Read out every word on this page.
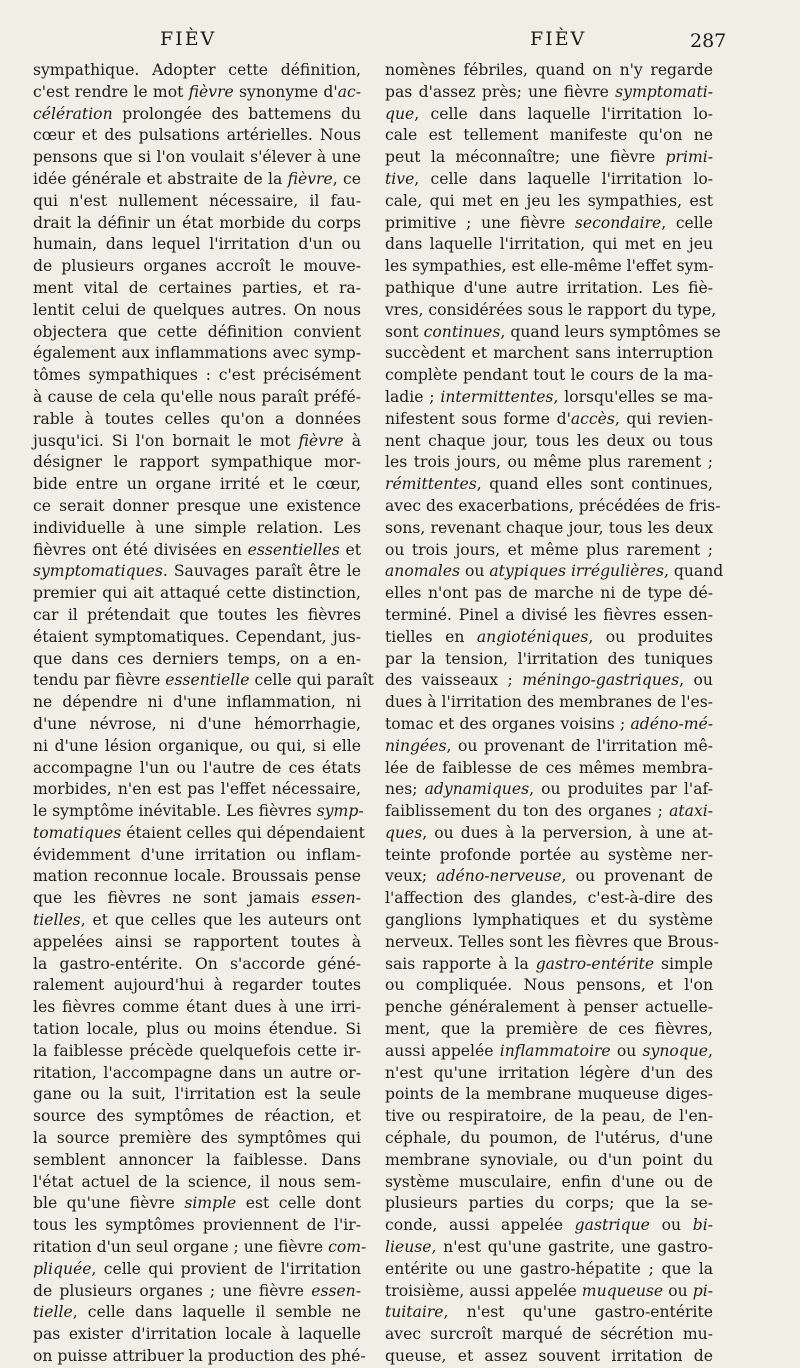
FIÈV	FIÈV	287
sympathique. Adopter cette définition,
c'est rendre le mot fièvre synonyme d'ac-
célération prolongée des battemens du
cœur et des pulsations artérielles. Nous
pensons que si l'on voulait s'élever à une
idée générale et abstraite de la fièvre, ce
qui n'est nullement nécessaire, il fau-
drait la définir un état morbide du corps
humain, dans lequel l'irritation d'un ou
de plusieurs organes accroît le mouve-
ment vital de certaines parties, et ra-
lentit celui de quelques autres. On nous
objectera que cette définition convient
également aux inflammations avec symp-
tômes sympathiques : c'est précisément
à cause de cela qu'elle nous paraît préfé-
rable à toutes celles qu'on a données
jusqu'ici. Si l'on bornait le mot fièvre à
désigner le rapport sympathique mor-
bide entre un organe irrité et le cœur,
ce serait donner presque une existence
individuelle à une simple relation. Les
fièvres ont été divisées en essentielles et
symptomatiques. Sauvages paraît être le
premier qui ait attaqué cette distinction,
car il prétendait que toutes les fièvres
étaient symptomatiques. Cependant, jus-
que dans ces derniers temps, on a en-
tendu par fièvre essentielle celle qui paraît
ne dépendre ni d'une inflammation, ni
d'une névrose, ni d'une hémorrhagie,
ni d'une lésion organique, ou qui, si elle
accompagne l'un ou l'autre de ces états
morbides, n'en est pas l'effet nécessaire,
le symptôme inévitable. Les fièvres symp-
tomatiques étaient celles qui dépendaient
évidemment d'une irritation ou inflam-
mation reconnue locale. Broussais pense
que les fièvres ne sont jamais essen-
tielles, et que celles que les auteurs ont
appelées ainsi se rapportent toutes à
la gastro-entérite. On s'accorde géné-
ralement aujourd'hui à regarder toutes
les fièvres comme étant dues à une irri-
tation locale, plus ou moins étendue. Si
la faiblesse précède quelquefois cette ir-
ritation, l'accompagne dans un autre or-
gane ou la suit, l'irritation est la seule
source des symptômes de réaction, et
la source première des symptômes qui
semblent annoncer la faiblesse. Dans
l'état actuel de la science, il nous sem-
ble qu'une fièvre simple est celle dont
tous les symptômes proviennent de l'ir-
ritation d'un seul organe ; une fièvre com-
pliquée, celle qui provient de l'irritation
de plusieurs organes ; une fièvre essen-
tielle, celle dans laquelle il semble ne
pas exister d'irritation locale à laquelle
on puisse attribuer la production des phé-
nomènes fébriles, quand on n'y regarde
pas d'assez près; une fièvre symptomati-
que, celle dans laquelle l'irritation lo-
cale est tellement manifeste qu'on ne
peut la méconnaître; une fièvre primi-
tive, celle dans laquelle l'irritation lo-
cale, qui met en jeu les sympathies, est
primitive ; une fièvre secondaire, celle
dans laquelle l'irritation, qui met en jeu
les sympathies, est elle-même l'effet sym-
pathique d'une autre irritation. Les fiè-
vres, considérées sous le rapport du type,
sont continues, quand leurs symptômes se
succèdent et marchent sans interruption
complète pendant tout le cours de la ma-
ladie ; intermittentes, lorsqu'elles se ma-
nifestent sous forme d'accès, qui revien-
nent chaque jour, tous les deux ou tous
les trois jours, ou même plus rarement ;
rémittentes, quand elles sont continues,
avec des exacerbations, précédées de fris-
sons, revenant chaque jour, tous les deux
ou trois jours, et même plus rarement ;
anomales ou atypiques irrégulières, quand
elles n'ont pas de marche ni de type dé-
terminé. Pinel a divisé les fièvres essen-
tielles en angioténiques, ou produites
par la tension, l'irritation des tuniques
des vaisseaux ; méningo-gastriques, ou
dues à l'irritation des membranes de l'es-
tomac et des organes voisins ; adéno-mé-
ningées, ou provenant de l'irritation mê-
lée de faiblesse de ces mêmes membra-
nes; adynamiques, ou produites par l'af-
faiblissement du ton des organes ; ataxi-
ques, ou dues à la perversion, à une at-
teinte profonde portée au système ner-
veux; adéno-nerveuse, ou provenant de
l'affection des glandes, c'est-à-dire des
ganglions lymphatiques et du système
nerveux. Telles sont les fièvres que Brous-
sais rapporte à la gastro-entérite simple
ou compliquée. Nous pensons, et l'on
penche généralement à penser actuelle-
ment, que la première de ces fièvres,
aussi appelée inflammatoire ou synoque,
n'est qu'une irritation légère d'un des
points de la membrane muqueuse diges-
tive ou respiratoire, de la peau, de l'en-
céphale, du poumon, de l'utérus, d'une
membrane synoviale, ou d'un point du
système musculaire, enfin d'une ou de
plusieurs parties du corps; que la se-
conde, aussi appelée gastrique ou bi-
lieuse, n'est qu'une gastrite, une gastro-
entérite ou une gastro-hépatite ; que la
troisième, aussi appelée muqueuse ou pi-
tuitaire, n'est qu'une gastro-entérite
avec surcroît marqué de sécrétion mu-
queuse, et assez souvent irritation de
